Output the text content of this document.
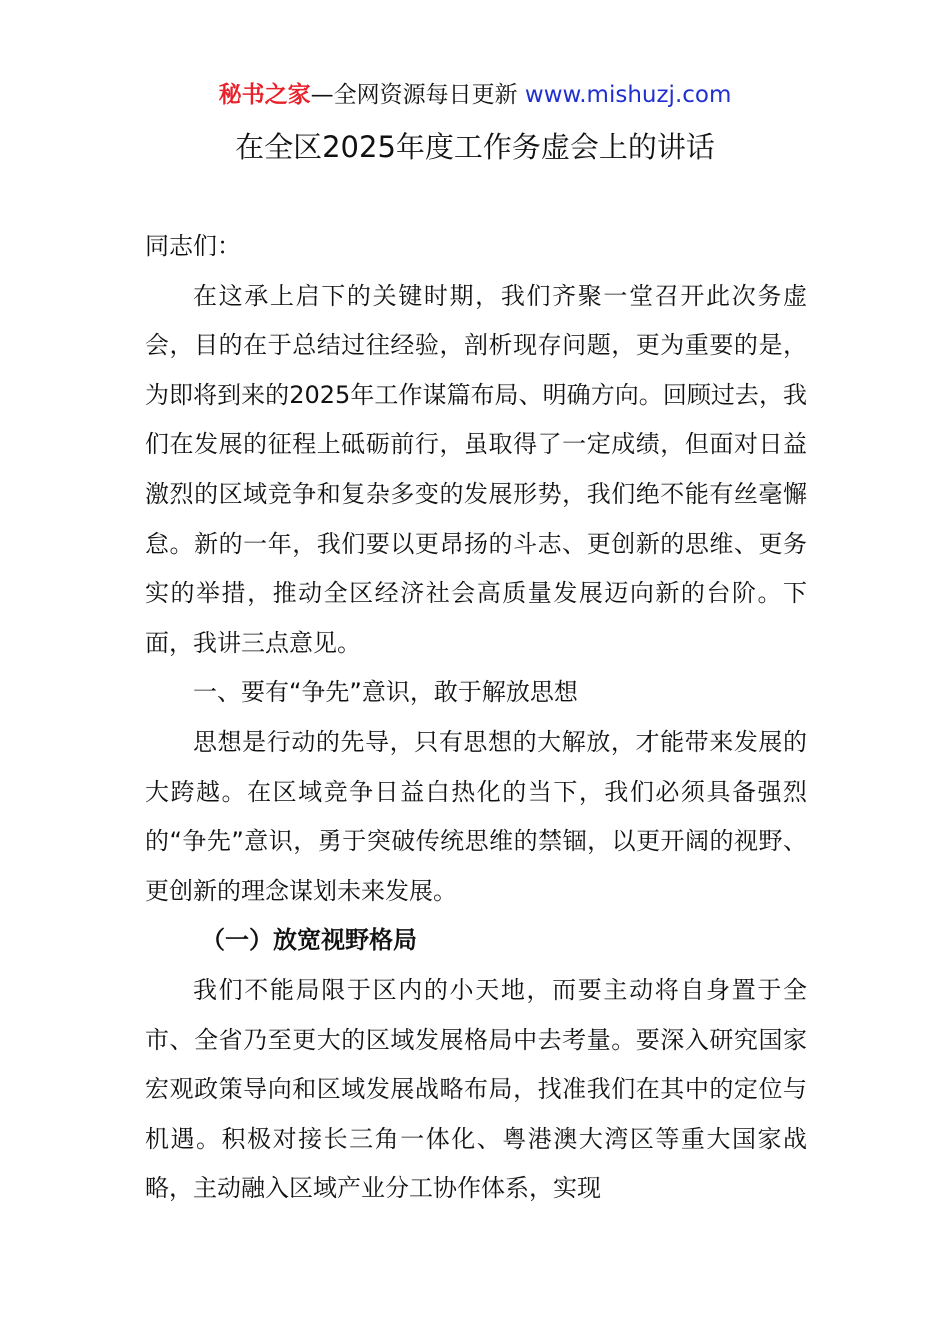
秘书之家—全网资源每日更新 www.mishuzj.com
在全区2025年度工作务虚会上的讲话

同志们：

在这承上启下的关键时期，我们齐聚一堂召开此次务虚会，目的在于总结过往经验，剖析现存问题，更为重要的是，为即将到来的2025年工作谋篇布局、明确方向。回顾过去，我们在发展的征程上砥砺前行，虽取得了一定成绩，但面对日益激烈的区域竞争和复杂多变的发展形势，我们绝不能有丝毫懈怠。新的一年，我们要以更昂扬的斗志、更创新的思维、更务实的举措，推动全区经济社会高质量发展迈向新的台阶。下面，我讲三点意见。

一、要有“争先”意识，敢于解放思想

思想是行动的先导，只有思想的大解放，才能带来发展的大跨越。在区域竞争日益白热化的当下，我们必须具备强烈的“争先”意识，勇于突破传统思维的禁锢，以更开阔的视野、更创新的理念谋划未来发展。

（一）放宽视野格局

我们不能局限于区内的小天地，而要主动将自身置于全市、全省乃至更大的区域发展格局中去考量。要深入研究国家宏观政策导向和区域发展战略布局，找准我们在其中的定位与机遇。积极对接长三角一体化、粤港澳大湾区等重大国家战略，主动融入区域产业分工协作体系，实现
